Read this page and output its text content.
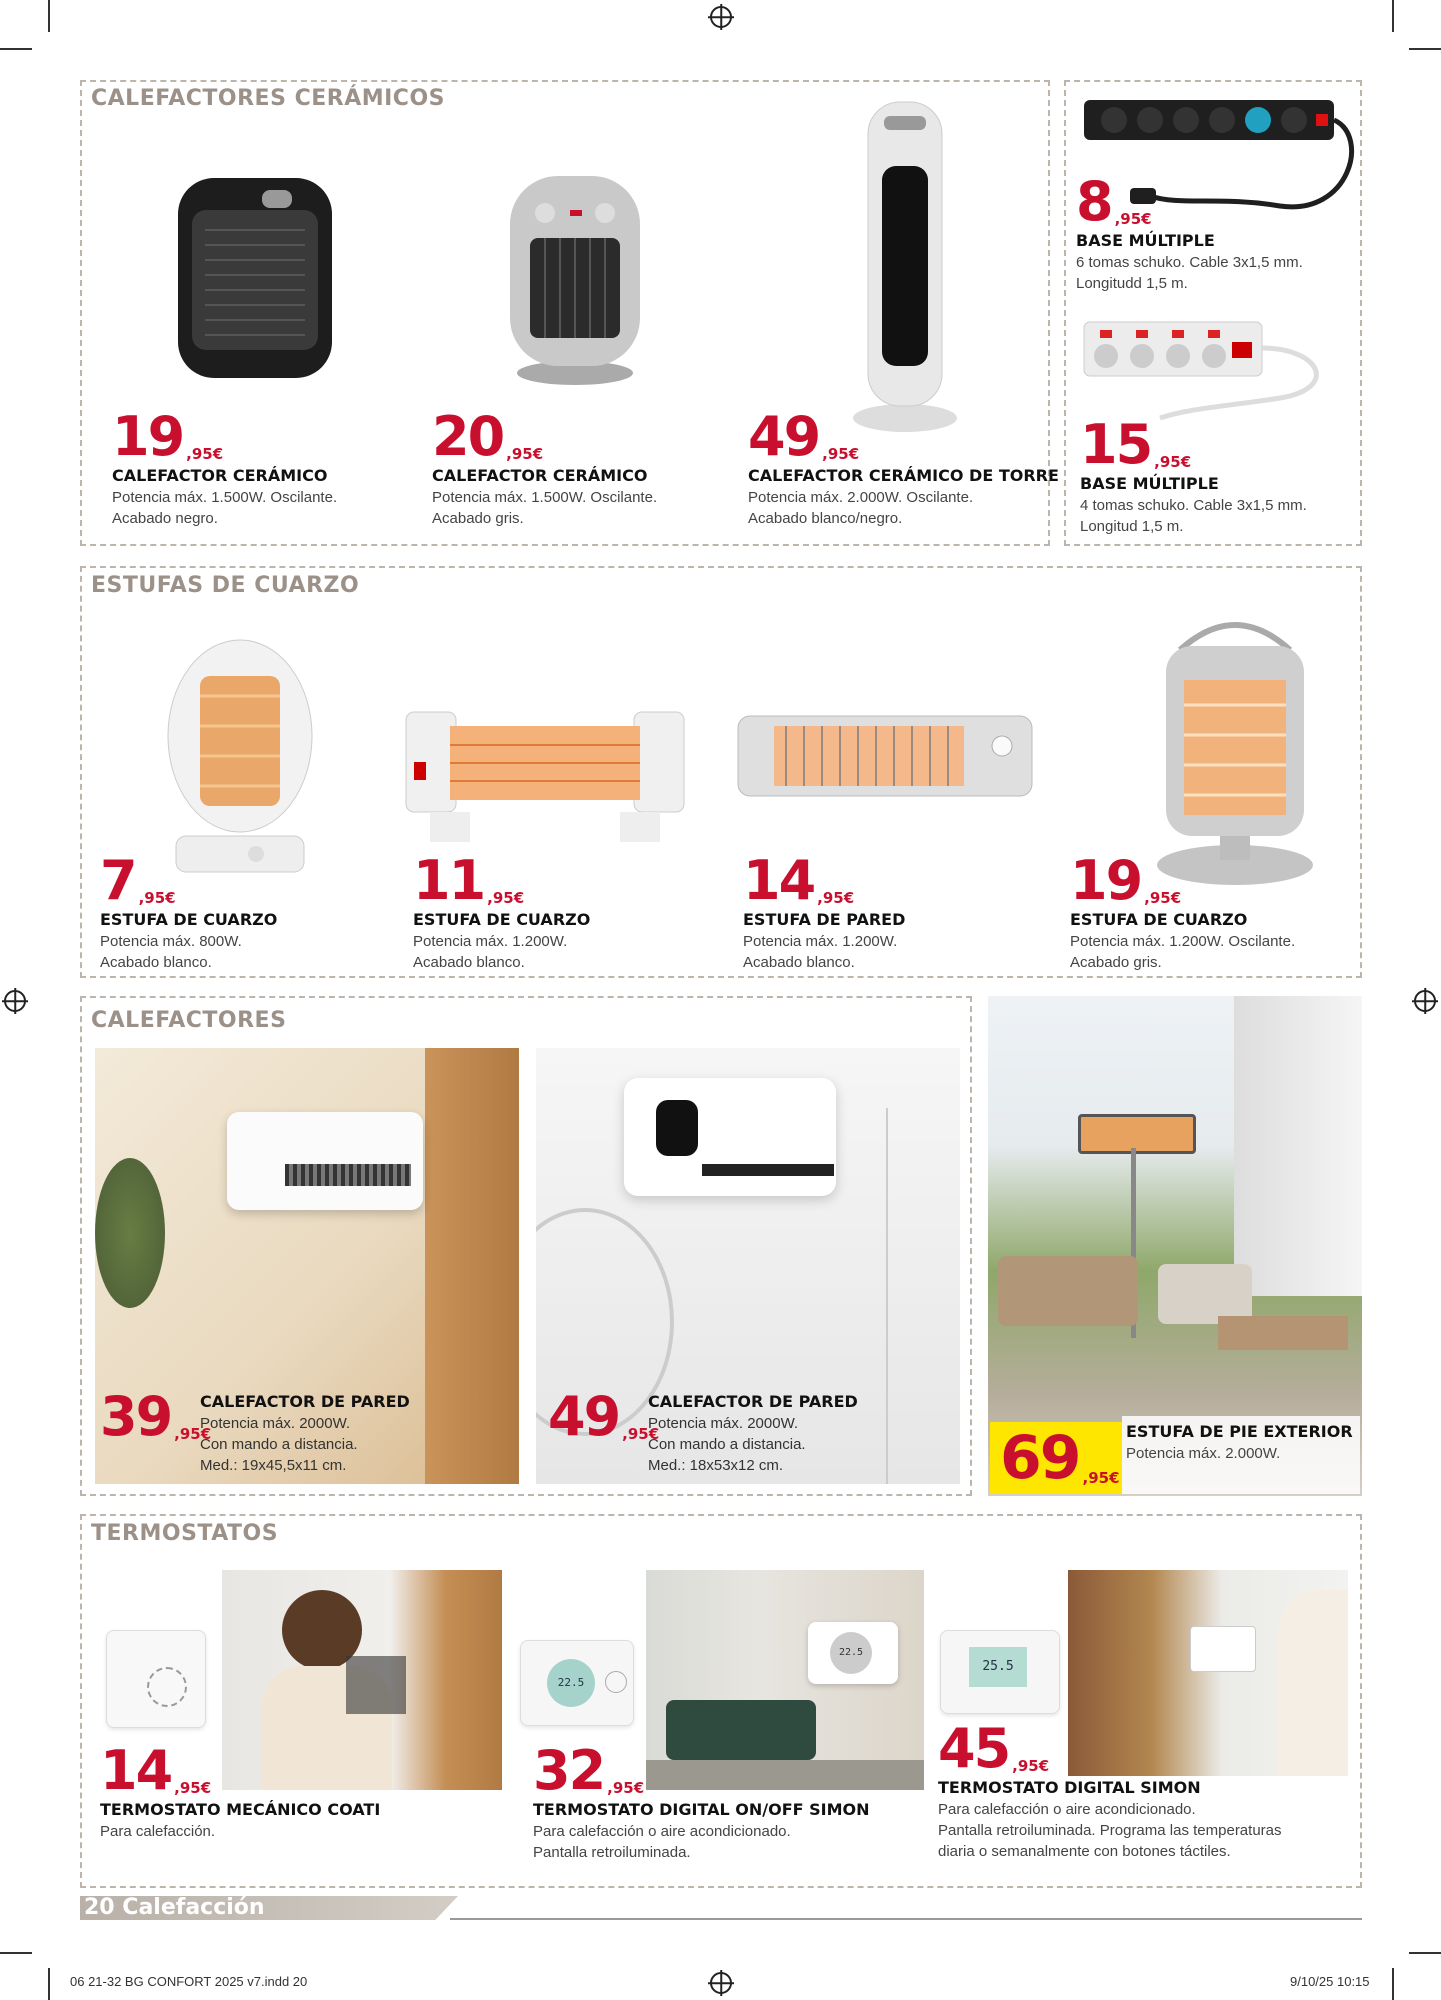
CALEFACTORES CERÁMICOS
19 ,95€
CALEFACTOR CERÁMICO
Potencia máx. 1.500W. Oscilante.
Acabado negro.
20 ,95€
CALEFACTOR CERÁMICO
Potencia máx. 1.500W. Oscilante.
Acabado gris.
49 ,95€
CALEFACTOR CERÁMICO DE TORRE
Potencia máx. 2.000W. Oscilante.
Acabado blanco/negro.
8 ,95€
BASE MÚLTIPLE
6 tomas schuko. Cable 3x1,5 mm.
Longitudd 1,5 m.
15 ,95€
BASE MÚLTIPLE
4 tomas schuko. Cable 3x1,5 mm.
Longitud 1,5 m.
ESTUFAS DE CUARZO
7 ,95€
ESTUFA DE CUARZO
Potencia máx. 800W.
Acabado blanco.
11 ,95€
ESTUFA DE CUARZO
Potencia máx. 1.200W.
Acabado blanco.
14 ,95€
ESTUFA DE PARED
Potencia máx. 1.200W.
Acabado blanco.
19 ,95€
ESTUFA DE CUARZO
Potencia máx. 1.200W. Oscilante.
Acabado gris.
CALEFACTORES
39 ,95€
CALEFACTOR DE PARED
Potencia máx. 2000W.
Con mando a distancia.
Med.: 19x45,5x11 cm.
49 ,95€
CALEFACTOR DE PARED
Potencia máx. 2000W.
Con mando a distancia.
Med.: 18x53x12 cm.	69 ,95€
ESTUFA DE PIE EXTERIOR
Potencia máx. 2.000W.
TERMOSTATOS
22.5
22.5
25.5
14 ,95€
TERMOSTATO MECÁNICO COATI
Para calefacción.
32 ,95€
TERMOSTATO DIGITAL ON/OFF SIMON
Para calefacción o aire acondicionado.
Pantalla retroiluminada.
45 ,95€
TERMOSTATO DIGITAL SIMON
Para calefacción o aire acondicionado.
Pantalla retroiluminada. Programa las temperaturas
diaria o semanalmente con botones táctiles.
20 Calefacción
06 21-32 BG CONFORT 2025 v7.indd 20	9/10/25 10:15
